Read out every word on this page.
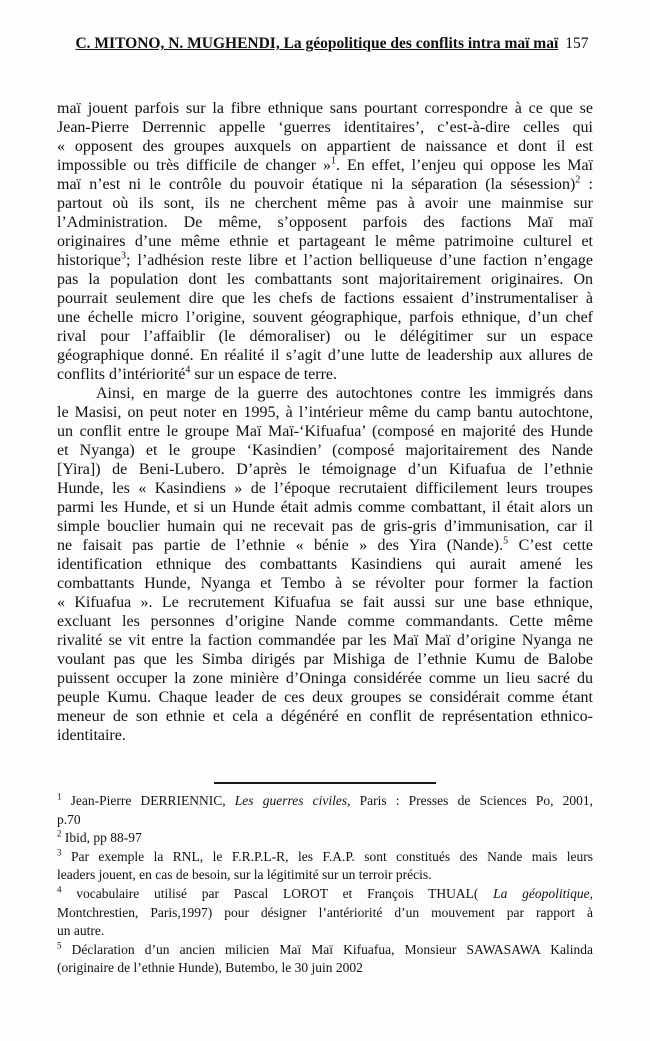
C. MITONO, N. MUGHENDI, La géopolitique des conflits intra maï maï 157
maï jouent parfois sur la fibre ethnique sans pourtant correspondre à ce que se
Jean-Pierre Derrennic appelle ‘guerres identitaires’, c’est-à-dire celles qui
« opposent des groupes auxquels on appartient de naissance et dont il est
impossible ou très difficile de changer »$^1$. En effet, l’enjeu qui oppose les Maï
maï n’est ni le contrôle du pouvoir étatique ni la séparation (la sésession)$^2$ :
partout où ils sont, ils ne cherchent même pas à avoir une mainmise sur
l’Administration. De même, s’opposent parfois des factions Maï maï
originaires d’une même ethnie et partageant le même patrimoine culturel et
historique$^3$; l’adhésion reste libre et l’action belliqueuse d’une faction n’engage
pas la population dont les combattants sont majoritairement originaires. On
pourrait seulement dire que les chefs de factions essaient d’instrumentaliser à
une échelle micro l’origine, souvent géographique, parfois ethnique, d’un chef
rival pour l’affaiblir (le démoraliser) ou le délégitimer sur un espace
géographique donné. En réalité il s’agit d’une lutte de leadership aux allures de
conflits d’intériorité$^4$ sur un espace de terre.
Ainsi, en marge de la guerre des autochtones contre les immigrés dans
le Masisi, on peut noter en 1995, à l’intérieur même du camp bantu autochtone,
un conflit entre le groupe Maï Maï-‘Kifuafua’ (composé en majorité des Hunde
et Nyanga) et le groupe ‘Kasindien’ (composé majoritairement des Nande
[Yira]) de Beni-Lubero. D’après le témoignage d’un Kifuafua de l’ethnie
Hunde, les « Kasindiens » de l’époque recrutaient difficilement leurs troupes
parmi les Hunde, et si un Hunde était admis comme combattant, il était alors un
simple bouclier humain qui ne recevait pas de gris-gris d’immunisation, car il
ne faisait pas partie de l’ethnie « bénie » des Yira (Nande).$^5$ C’est cette
identification ethnique des combattants Kasindiens qui aurait amené les
combattants Hunde, Nyanga et Tembo à se révolter pour former la faction
« Kifuafua ». Le recrutement Kifuafua se fait aussi sur une base ethnique,
excluant les personnes d’origine Nande comme commandants. Cette même
rivalité se vit entre la faction commandée par les Maï Maï d’origine Nyanga ne
voulant pas que les Simba dirigés par Mishiga de l’ethnie Kumu de Balobe
puissent occuper la zone minière d’Oninga considérée comme un lieu sacré du
peuple Kumu. Chaque leader de ces deux groupes se considérait comme étant
meneur de son ethnie et cela a dégénéré en conflit de représentation ethnico-
identitaire.
$^1$ Jean-Pierre DERRIENNIC, Les guerres civiles, Paris : Presses de Sciences Po, 2001,
p.70
$^2$ Ibid, pp 88-97
$^3$ Par exemple la RNL, le F.R.P.L-R, les F.A.P. sont constitués des Nande mais leurs
leaders jouent, en cas de besoin, sur la légitimité sur un terroir précis.
$^4$ vocabulaire utilisé par Pascal LOROT et François THUAL( La géopolitique,
Montchrestien, Paris,1997) pour désigner l’antériorité d’un mouvement par rapport à
un autre.
$^5$ Déclaration d’un ancien milicien Maï Maï Kifuafua, Monsieur SAWASAWA Kalinda
(originaire de l’ethnie Hunde), Butembo, le 30 juin 2002
